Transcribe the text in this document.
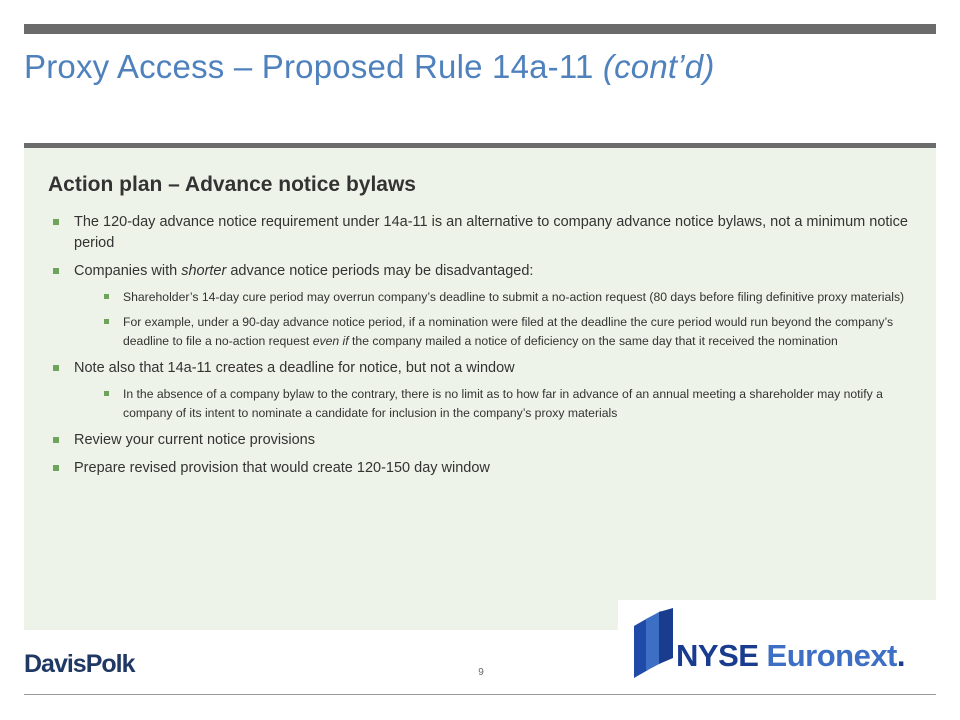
Proxy Access – Proposed Rule 14a-11 (cont’d)
Action plan – Advance notice bylaws
The 120-day advance notice requirement under 14a-11 is an alternative to company advance notice bylaws, not a minimum notice period
Companies with shorter advance notice periods may be disadvantaged:
Shareholder’s 14-day cure period may overrun company’s deadline to submit a no-action request (80 days before filing definitive proxy materials)
For example, under a 90-day advance notice period, if a nomination were filed at the deadline the cure period would run beyond the company’s deadline to file a no-action request even if the company mailed a notice of deficiency on the same day that it received the nomination
Note also that 14a-11 creates a deadline for notice, but not a window
In the absence of a company bylaw to the contrary, there is no limit as to how far in advance of an annual meeting a shareholder may notify a company of its intent to nominate a candidate for inclusion in the company’s proxy materials
Review your current notice provisions
Prepare revised provision that would create 120-150 day window
DavisPolk	9	NYSE Euronext.
